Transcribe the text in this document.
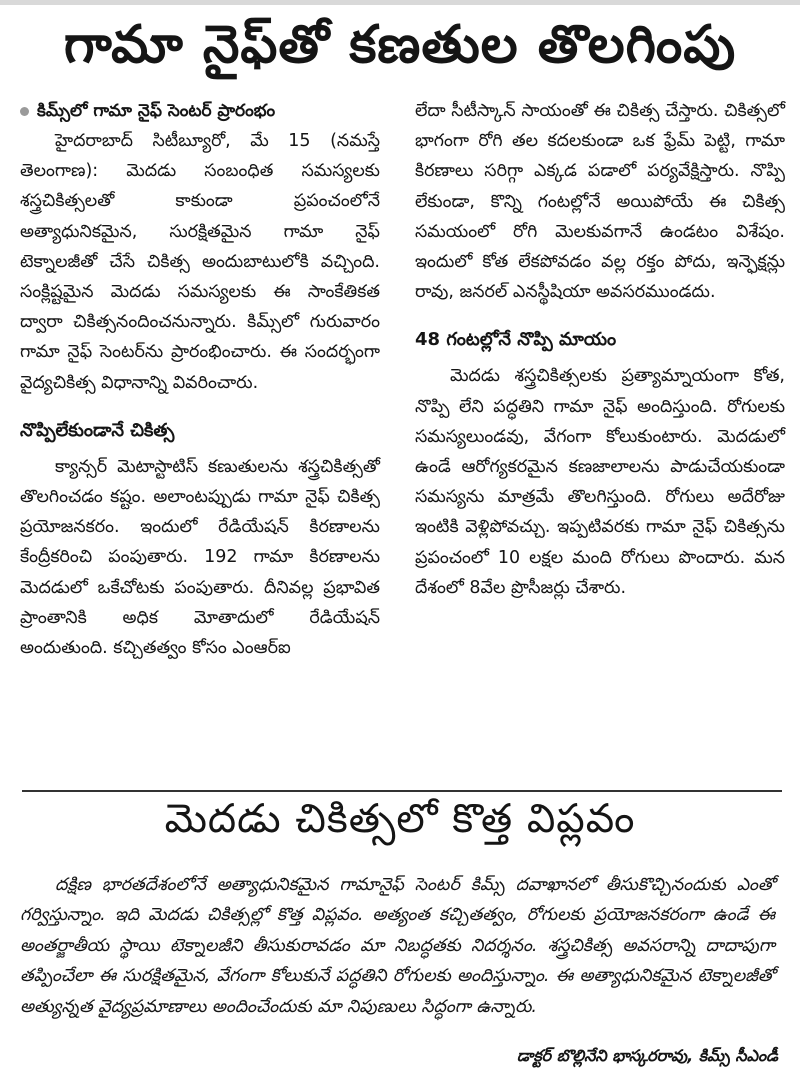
గామా నైఫ్‌తో కణతుల తొలగింపు
కిమ్స్‌లో గామా నైఫ్ సెంటర్ ప్రారంభం

హైదరాబాద్ సిటీబ్యూరో, మే 15 (నమస్తే తెలంగాణ): మెదడు సంబంధిత సమస్యలకు శస్త్రచికిత్సలతో కాకుండా ప్రపంచంలోనే అత్యాధునికమైన, సురక్షితమైన గామా నైఫ్ టెక్నాలజీతో చేసే చికిత్స అందుబాటులోకి వచ్చింది. సంక్లిష్టమైన మెదడు సమస్యలకు ఈ సాంకేతికత ద్వారా చికిత్సనందించనున్నారు. కిమ్స్‌లో గురువారం గామా నైఫ్ సెంటర్‌ను ప్రారంభించారు. ఈ సందర్భంగా వైద్యచికిత్స విధానాన్ని వివరించారు.

నొప్పిలేకుండానే చికిత్స

క్యాన్సర్ మెటాస్టాటిస్ కణుతులను శస్త్రచికిత్సతో తొలగించడం కష్టం. అలాంటప్పుడు గామా నైఫ్ చికిత్స ప్రయోజనకరం. ఇందులో రేడియేషన్ కిరణాలను కేంద్రీకరించి పంపుతారు. 192 గామా కిరణాలను మెదడులో ఒకేచోటకు పంపుతారు. దీనివల్ల ప్రభావిత ప్రాంతానికి అధిక మోతాదులో రేడియేషన్ అందుతుంది. కచ్చితత్వం కోసం ఎంఆర్ఐ

లేదా సీటీస్కాన్ సాయంతో ఈ చికిత్స చేస్తారు. చికిత్సలో భాగంగా రోగి తల కదలకుండా ఒక ఫ్రేమ్ పెట్టి, గామా కిరణాలు సరిగ్గా ఎక్కడ పడాలో పర్యవేక్షిస్తారు. నొప్పి లేకుండా, కొన్ని గంటల్లోనే అయిపోయే ఈ చికిత్స సమయంలో రోగి మెలకువగానే ఉండటం విశేషం. ఇందులో కోత లేకపోవడం వల్ల రక్తం పోదు, ఇన్ఫెక్షన్లు రావు, జనరల్ ఎనస్థీషియా అవసరముండదు.

48 గంటల్లోనే నొప్పి మాయం

మెదడు శస్త్రచికిత్సలకు ప్రత్యామ్నాయంగా కోత, నొప్పి లేని పద్ధతిని గామా నైఫ్ అందిస్తుంది. రోగులకు సమస్యలుండవు, వేగంగా కోలుకుంటారు. మెదడులో ఉండే ఆరోగ్యకరమైన కణజాలాలను పాడుచేయకుండా సమస్యను మాత్రమే తొలగిస్తుంది. రోగులు అదేరోజు ఇంటికి వెళ్లిపోవచ్చు. ఇప్పటివరకు గామా నైఫ్ చికిత్సను ప్రపంచంలో 10 లక్షల మంది రోగులు పొందారు. మన దేశంలో 8వేల ప్రొసీజర్లు చేశారు.

మెదడు చికిత్సలో కొత్త విప్లవం

దక్షిణ భారతదేశంలోనే అత్యాధునికమైన గామానైఫ్ సెంటర్ కిమ్స్ దవాఖానలో తీసుకొచ్చినందుకు ఎంతో గర్విస్తున్నాం. ఇది మెదడు చికిత్సల్లో కొత్త విప్లవం. అత్యంత కచ్చితత్వం, రోగులకు ప్రయోజనకరంగా ఉండే ఈ అంతర్జాతీయ స్థాయి టెక్నాలజీని తీసుకురావడం మా నిబద్ధతకు నిదర్శనం. శస్త్రచికిత్స అవసరాన్ని దాదాపుగా తప్పించేలా ఈ సురక్షితమైన, వేగంగా కోలుకునే పద్ధతిని రోగులకు అందిస్తున్నాం. ఈ అత్యాధునికమైన టెక్నాలజీతో అత్యున్నత వైద్యప్రమాణాలు అందించేందుకు మా నిపుణులు సిద్ధంగా ఉన్నారు.

డాక్టర్ బొల్లినేని భాస్కరరావు, కిమ్స్ సీఎండీ
